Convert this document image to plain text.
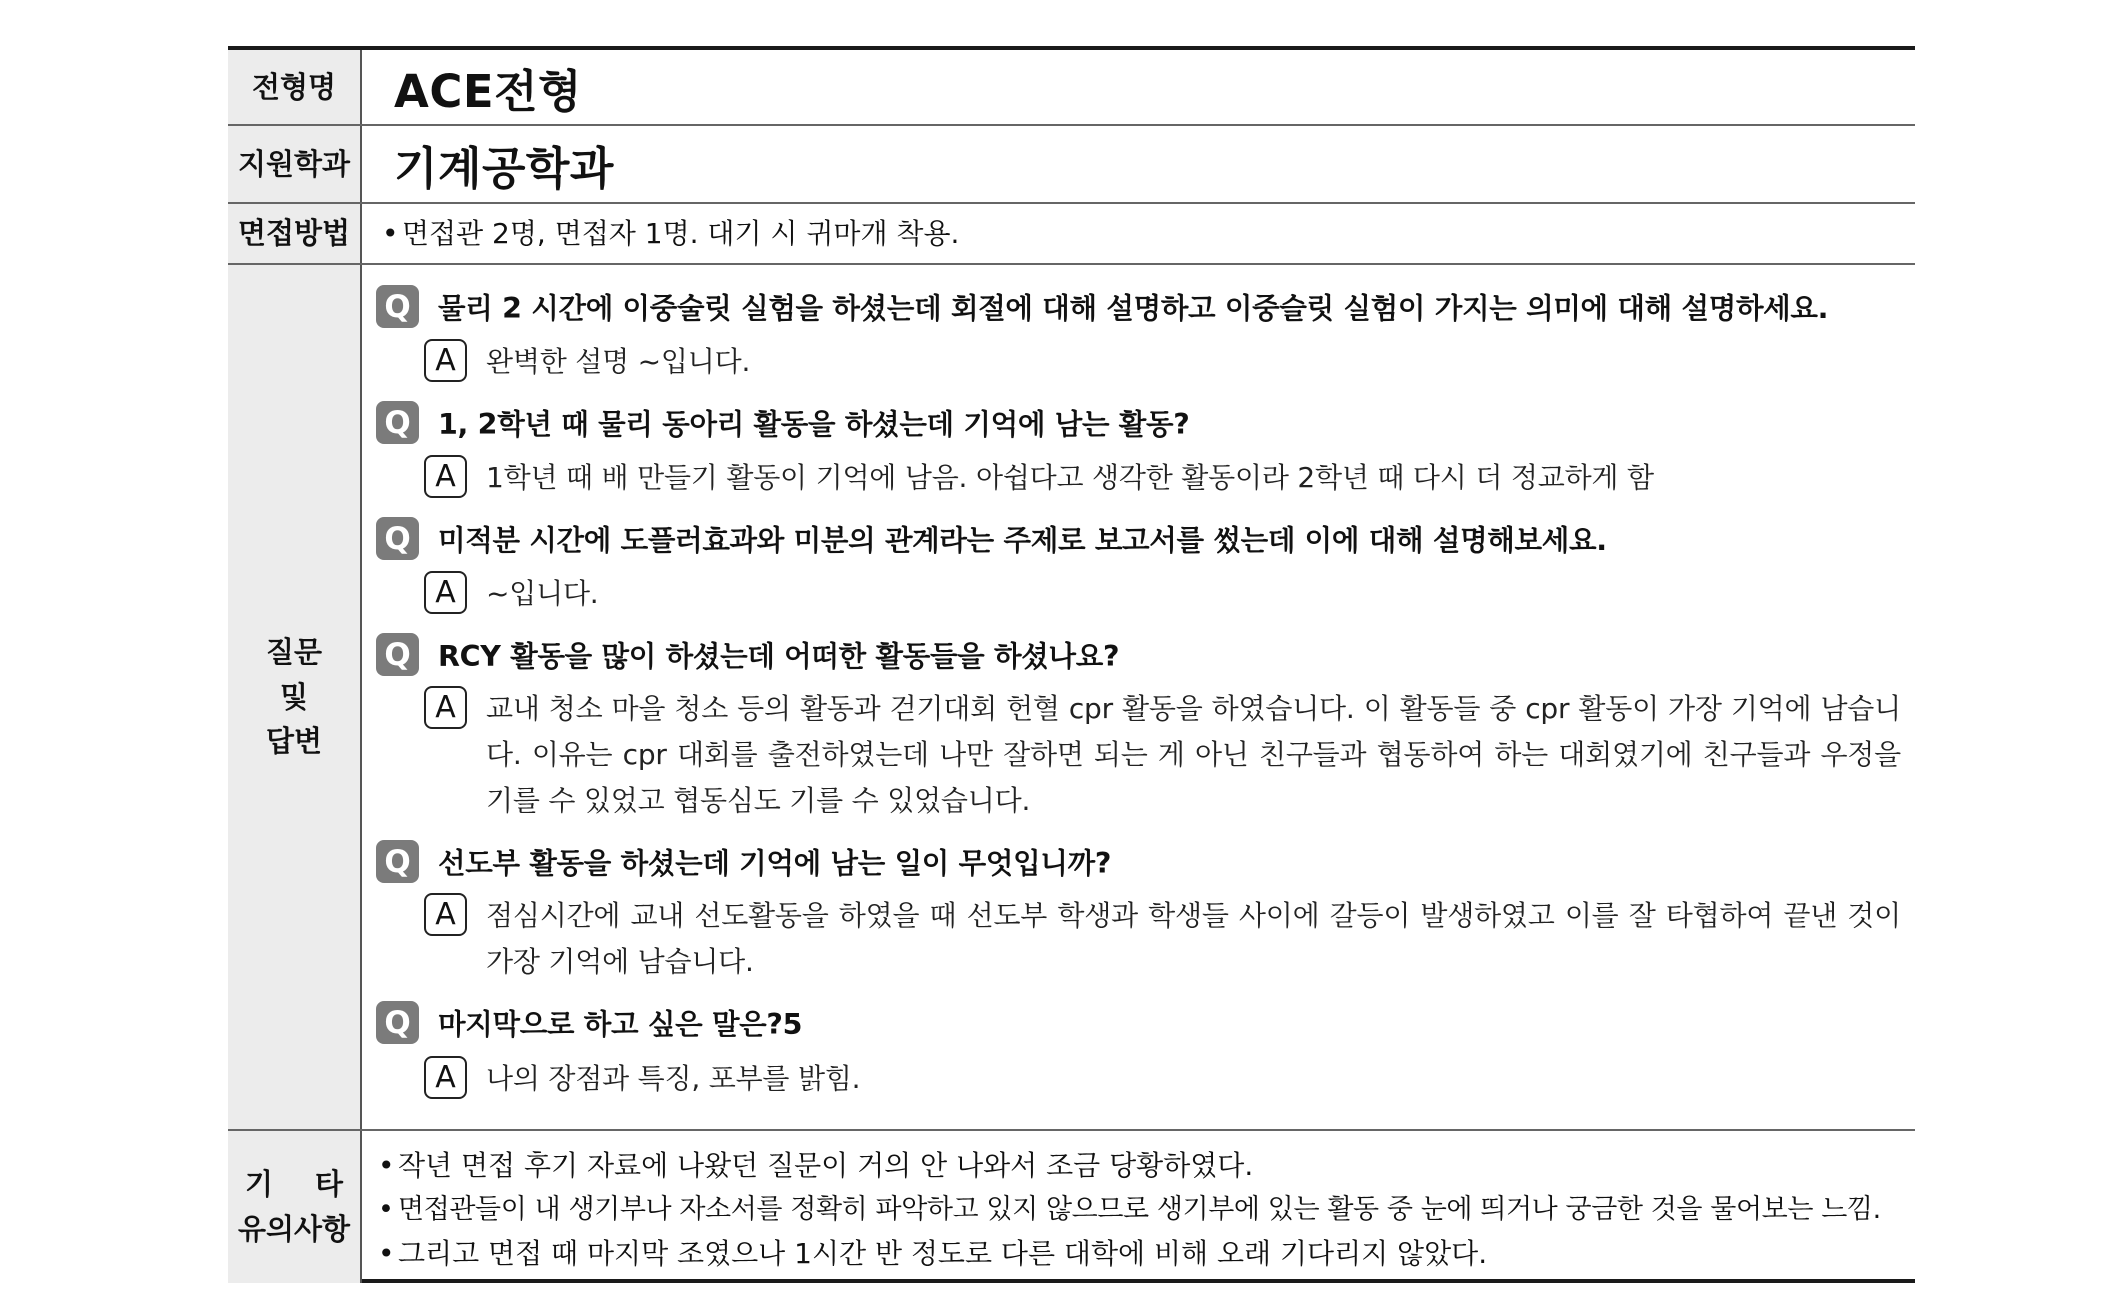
전형명	ACE전형
지원학과 기계공학과
면접방법	• 면접관 2명, 면접자 1명. 대기 시 귀마개 착용.
질문
및
답변
Q 물리 2 시간에 이중술릿 실험을 하셨는데 회절에 대해 설명하고 이중슬릿 실험이 가지는 의미에 대해 설명하세요.
A	완벽한 설명 ~입니다.
Q 1, 2학년 때 물리 동아리 활동을 하셨는데 기억에 남는 활동?
A	1학년 때 배 만들기 활동이 기억에 남음. 아쉽다고 생각한 활동이라 2학년 때 다시 더 정교하게 함
Q 미적분 시간에 도플러효과와 미분의 관계라는 주제로 보고서를 썼는데 이에 대해 설명해보세요.
A	~입니다.
Q RCY 활동을 많이 하셨는데 어떠한 활동들을 하셨나요?
A	교내 청소 마을 청소 등의 활동과 걷기대회 헌혈 cpr 활동을 하였습니다. 이 활동들 중 cpr 활동이 가장 기억에 남습니다. 이유는 cpr 대회를 출전하였는데 나만 잘하면 되는 게 아닌 친구들과 협동하여 하는 대회였기에 친구들과 우정을 기를 수 있었고 협동심도 기를 수 있었습니다.
Q 선도부 활동을 하셨는데 기억에 남는 일이 무엇입니까?
A	점심시간에 교내 선도활동을 하였을 때 선도부 학생과 학생들 사이에 갈등이 발생하였고 이를 잘 타협하여 끝낸 것이 가장 기억에 남습니다.
Q 마지막으로 하고 싶은 말은?5
A	나의 장점과 특징, 포부를 밝힘.
기 타
유의사항
• 작년 면접 후기 자료에 나왔던 질문이 거의 안 나와서 조금 당황하였다.
• 면접관들이 내 생기부나 자소서를 정확히 파악하고 있지 않으므로 생기부에 있는 활동 중 눈에 띄거나 궁금한 것을 물어보는 느낌.
• 그리고 면접 때 마지막 조였으나 1시간 반 정도로 다른 대학에 비해 오래 기다리지 않았다.
